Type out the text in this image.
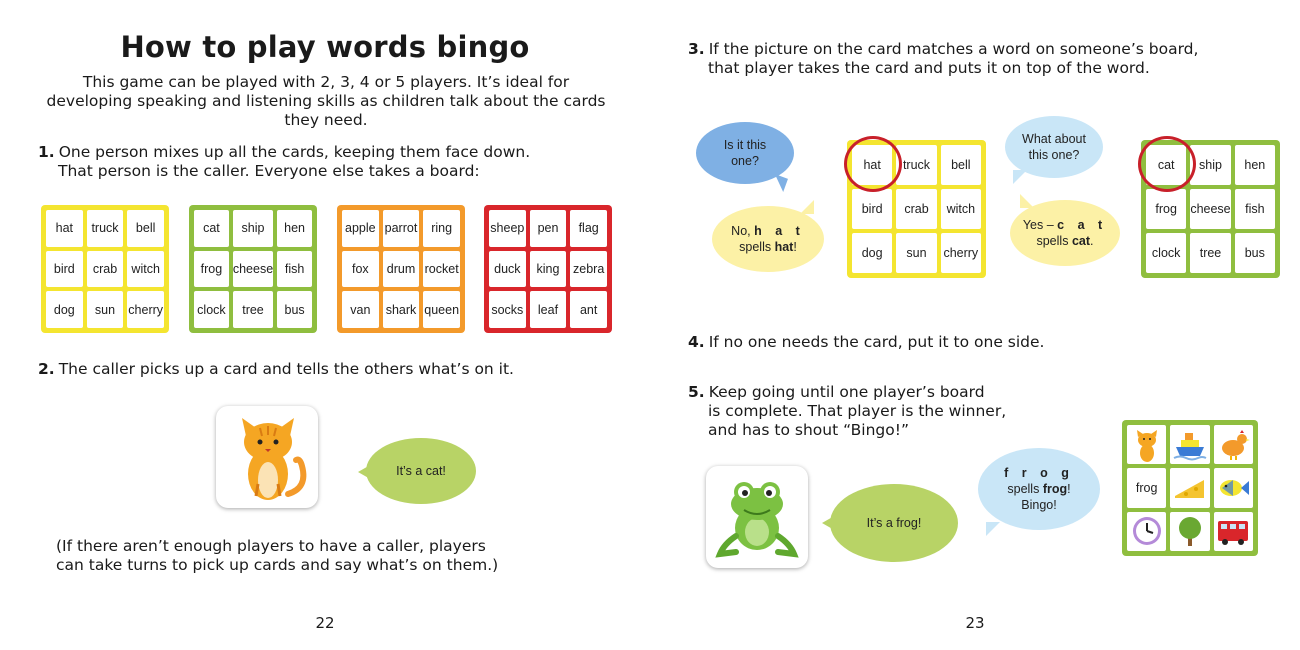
How to play words bingo
This game can be played with 2, 3, 4 or 5 players. It’s ideal for developing speaking and listening skills as children talk about the cards they need.
1. One person mixes up all the cards, keeping them face down.
That person is the caller. Everyone else takes a board:
hat	truck	bell
bird	crab	witch
dog	sun	cherry
cat	ship	hen
frog cheese fish
clock	tree	bus
apple parrot	ring
fox	drum rocket
van	shark queen
sheep	pen	flag
duck	king	zebra
socks	leaf	ant
2. The caller picks up a card and tells the others what’s on it.
It’s a cat!
(If there aren’t enough players to have a caller, players
can take turns to pick up cards and say what’s on them.)
22
3. If the picture on the card matches a word on someone’s board,
that player takes the card and puts it on top of the word.
Is it this
one?
No, h a t
spells hat!
hat	truck	bell
bird	crab	witch
dog	sun	cherry
What about
this one?
Yes – c a t
spells cat.
cat	ship	hen
frog	cheese	fish
clock	tree	bus
4. If no one needs the card, put it to one side.
5. Keep going until one player’s board
is complete. That player is the winner,
and has to shout “Bingo!”
It’s a frog!
f r o g
spells frog!
Bingo!
frog
23
